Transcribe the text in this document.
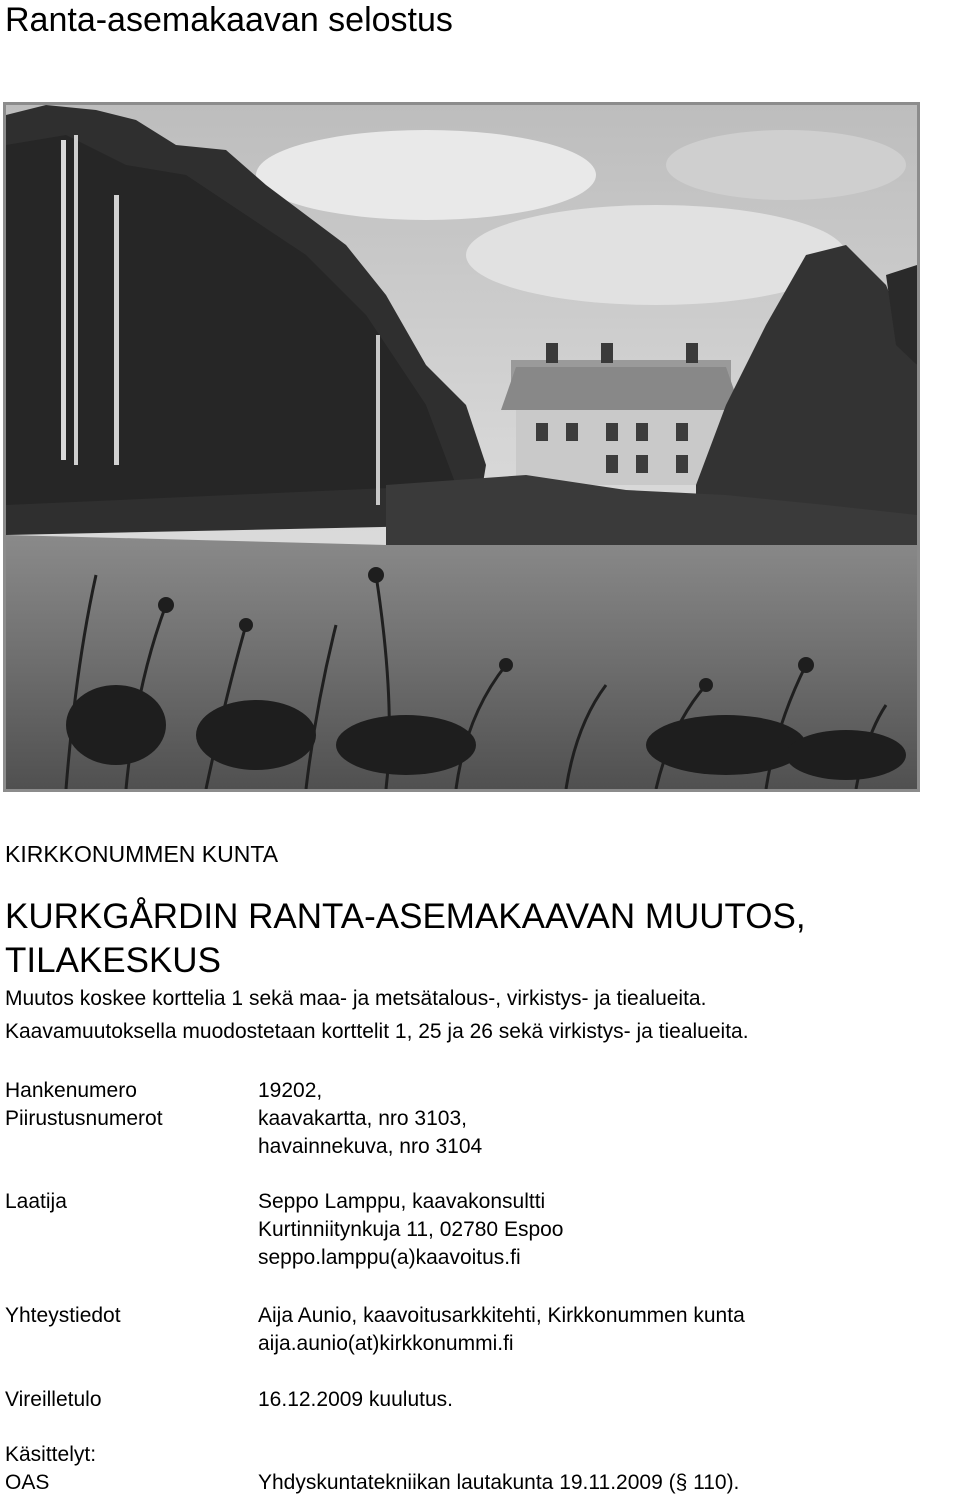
Ranta-asemakaavan selostus
KIRKKONUMMEN KUNTA
KURKGÅRDIN RANTA-ASEMAKAAVAN MUUTOS,
TILAKESKUS
Muutos koskee korttelia 1 sekä maa- ja metsätalous-, virkistys- ja tiealueita.
Kaavamuutoksella muodostetaan korttelit 1, 25 ja 26 sekä virkistys- ja tiealueita.
Hankenumero	19202,
Piirustusnumerot	kaavakartta, nro 3103,
havainnekuva, nro 3104
Laatija	Seppo Lamppu, kaavakonsultti
Kurtinniitynkuja 11, 02780 Espoo
seppo.lamppu(a)kaavoitus.fi
Yhteystiedot	Aija Aunio, kaavoitusarkkitehti, Kirkkonummen kunta
aija.aunio(at)kirkkonummi.fi
Vireilletulo	16.12.2009 kuulutus.
Käsittelyt:
OAS	Yhdyskuntatekniikan lautakunta 19.11.2009 (§ 110).
